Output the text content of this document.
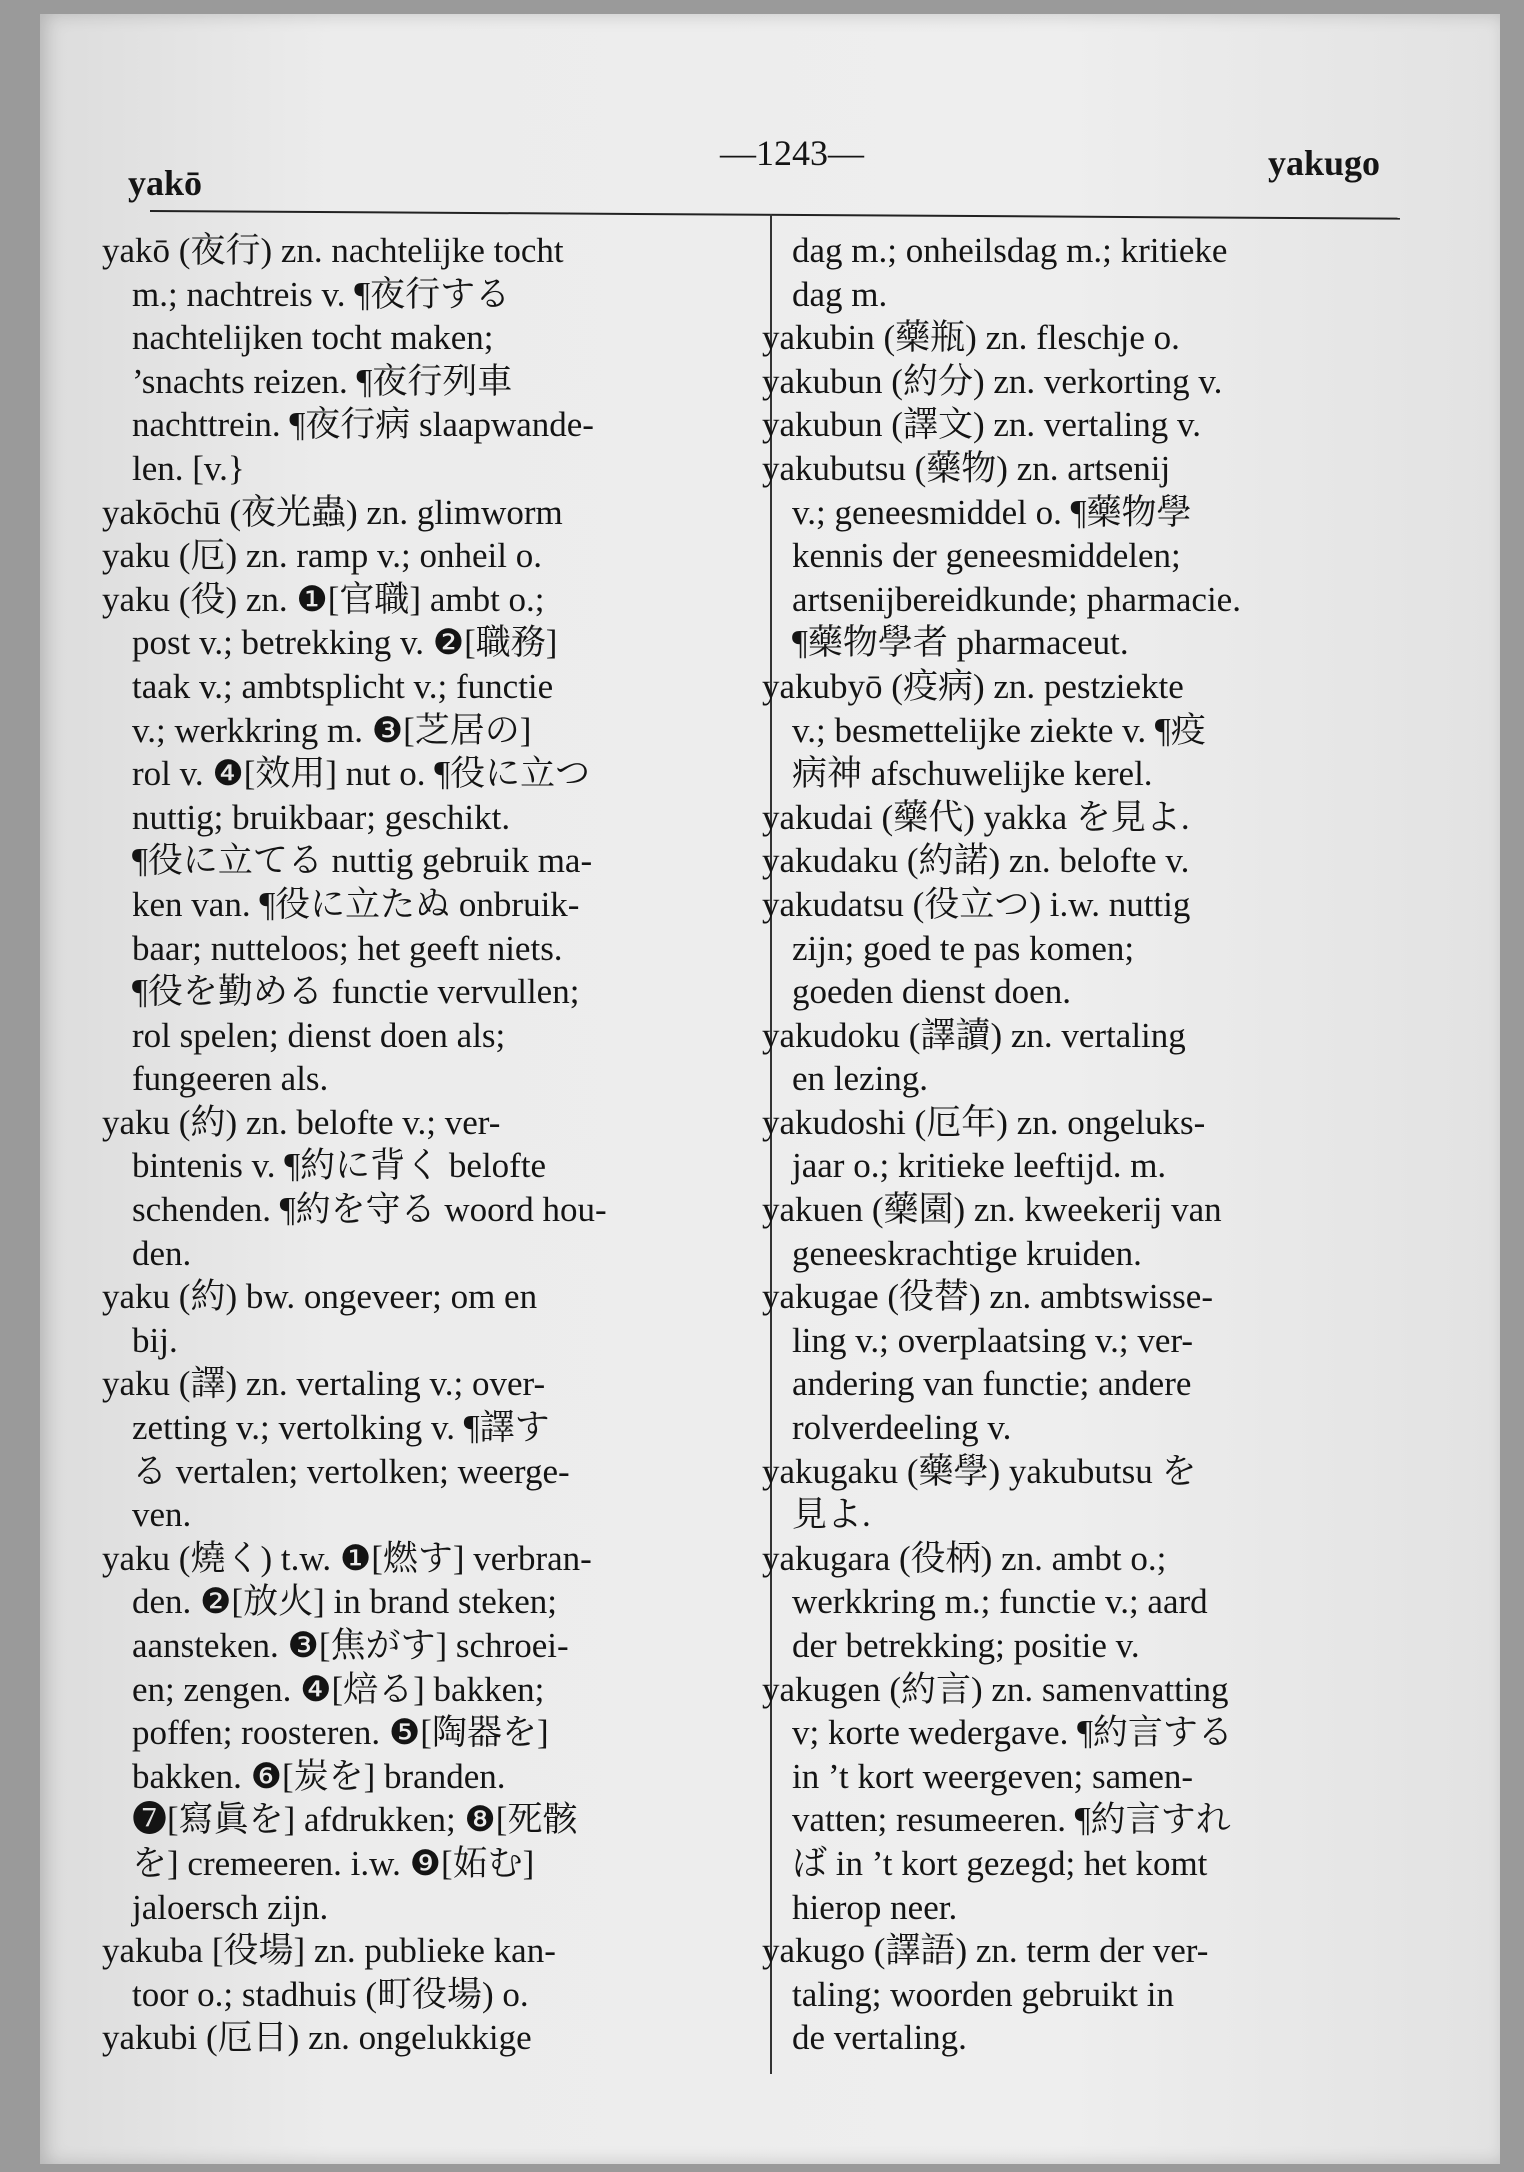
yakō
—1243—	yakugo
yakō (夜行) zn. nachtelijke tocht
m.; nachtreis v. ¶夜行する
nachtelijken tocht maken;
’snachts reizen. ¶夜行列車
nachttrein. ¶夜行病 slaapwande-
len. [v.}
yakōchū (夜光蟲) zn. glimworm
yaku (厄) zn. ramp v.; onheil o.
yaku (役) zn. ❶[官職] ambt o.;
post v.; betrekking v. ❷[職務]
taak v.; ambtsplicht v.; functie
v.; werkkring m. ❸[芝居の]
rol v. ❹[效用] nut o. ¶役に立つ
nuttig; bruikbaar; geschikt.
¶役に立てる nuttig gebruik ma-
ken van. ¶役に立たぬ onbruik-
baar; nutteloos; het geeft niets.
¶役を勤める functie vervullen;
rol spelen; dienst doen als;
fungeeren als.
yaku (約) zn. belofte v.; ver-
bintenis v. ¶約に背く belofte
schenden. ¶約を守る woord hou-
den.
yaku (約) bw. ongeveer; om en
bij.
yaku (譯) zn. vertaling v.; over-
zetting v.; vertolking v. ¶譯す
る vertalen; vertolken; weerge-
ven.
yaku (燒く) t.w. ❶[燃す] verbran-
den. ❷[放火] in brand steken;
aansteken. ❸[焦がす] schroei-
en; zengen. ❹[焙る] bakken;
poffen; roosteren. ❺[陶器を]
bakken. ❻[炭を] branden.
❼[寫眞を] afdrukken; ❽[死骸
を] cremeeren. i.w. ❾[妬む]
jaloersch zijn.
yakuba [役場] zn. publieke kan-
toor o.; stadhuis (町役場) o.
yakubi (厄日) zn. ongelukkige
dag m.; onheilsdag m.; kritieke
dag m.
yakubin (藥瓶) zn. fleschje o.
yakubun (約分) zn. verkorting v.
yakubun (譯文) zn. vertaling v.
yakubutsu (藥物) zn. artsenij
v.; geneesmiddel o. ¶藥物學
kennis der geneesmiddelen;
artsenijbereidkunde; pharmacie.
¶藥物學者 pharmaceut.
yakubyō (疫病) zn. pestziekte
v.; besmettelijke ziekte v. ¶疫
病神 afschuwelijke kerel.
yakudai (藥代) yakka を見よ.
yakudaku (約諾) zn. belofte v.
yakudatsu (役立つ) i.w. nuttig
zijn; goed te pas komen;
goeden dienst doen.
yakudoku (譯讀) zn. vertaling
en lezing.
yakudoshi (厄年) zn. ongeluks-
jaar o.; kritieke leeftijd. m.
yakuen (藥園) zn. kweekerij van
geneeskrachtige kruiden.
yakugae (役替) zn. ambtswisse-
ling v.; overplaatsing v.; ver-
andering van functie; andere
rolverdeeling v.
yakugaku (藥學) yakubutsu を
見よ.
yakugara (役柄) zn. ambt o.;
werkkring m.; functie v.; aard
der betrekking; positie v.
yakugen (約言) zn. samenvatting
v; korte wedergave. ¶約言する
in ’t kort weergeven; samen-
vatten; resumeeren. ¶約言すれ
ば in ’t kort gezegd; het komt
hierop neer.
yakugo (譯語) zn. term der ver-
taling; woorden gebruikt in
de vertaling.
